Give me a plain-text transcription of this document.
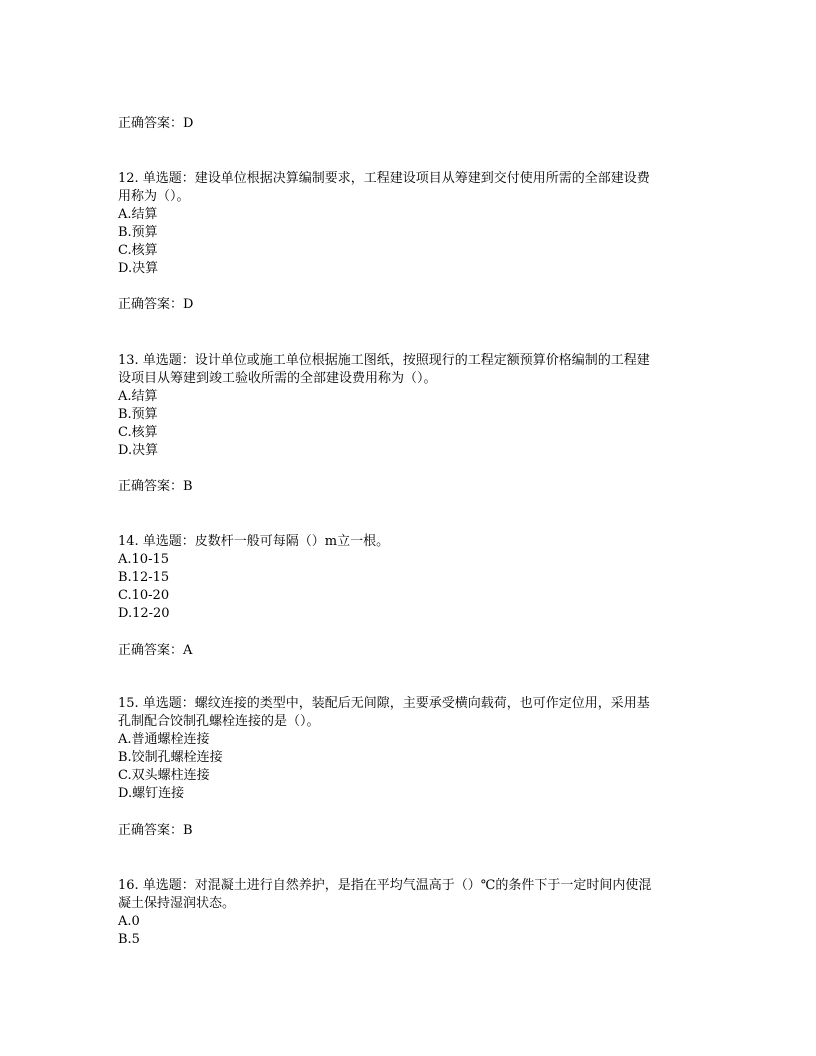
正确答案：D
12. 单选题：建设单位根据决算编制要求，工程建设项目从筹建到交付使用所需的全部建设费
用称为（）。
A.结算
B.预算
C.核算
D.决算
正确答案：D
13. 单选题：设计单位或施工单位根据施工图纸，按照现行的工程定额预算价格编制的工程建
设项目从筹建到竣工验收所需的全部建设费用称为（）。
A.结算
B.预算
C.核算
D.决算
正确答案：B
14. 单选题：皮数杆一般可每隔（）m立一根。
A.10-15
B.12-15
C.10-20
D.12-20
正确答案：A
15. 单选题：螺纹连接的类型中，装配后无间隙，主要承受横向载荷，也可作定位用，采用基
孔制配合饺制孔螺栓连接的是（）。
A.普通螺栓连接
B.饺制孔螺栓连接
C.双头螺柱连接
D.螺钉连接
正确答案：B
16. 单选题：对混凝土进行自然养护，是指在平均气温高于（）℃的条件下于一定时间内使混
凝土保持湿润状态。
A.0
B.5
